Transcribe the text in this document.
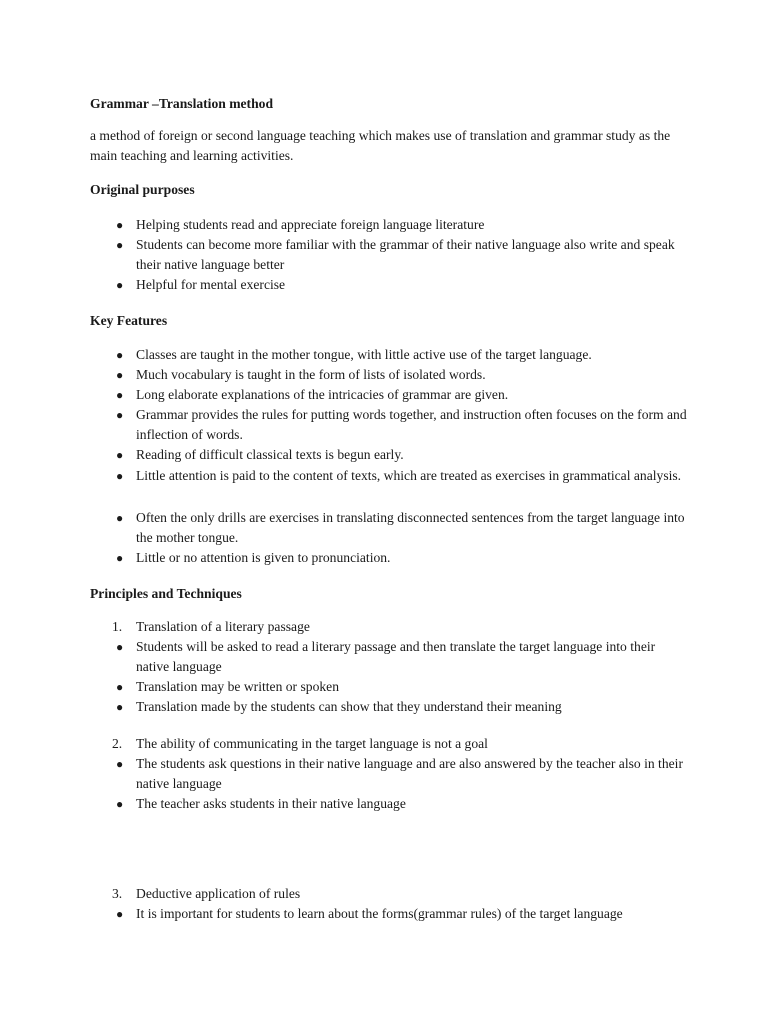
Grammar –Translation method
a method of foreign or second language teaching which makes use of translation and grammar study as the main teaching and learning activities.
Original purposes
● Helping students read and appreciate foreign language literature
● Students can become more familiar with the grammar of their native language also write and speak their native language better
● Helpful for mental exercise
Key Features
● Classes are taught in the mother tongue, with little active use of the target language.
● Much vocabulary is taught in the form of lists of isolated words.
● Long elaborate explanations of the intricacies of grammar are given.
● Grammar provides the rules for putting words together, and instruction often focuses on the form and inflection of words.
● Reading of difficult classical texts is begun early.
● Little attention is paid to the content of texts, which are treated as exercises in grammatical analysis.
● Often the only drills are exercises in translating disconnected sentences from the target language into the mother tongue.
● Little or no attention is given to pronunciation.
Principles and Techniques
1.	Translation of a literary passage
● Students will be asked to read a literary passage and then translate the target language into their native language
● Translation may be written or spoken
● Translation made by the students can show that they understand their meaning
2.	The ability of communicating in the target language is not a goal
● The students ask questions in their native language and are also answered by the teacher also in their native language
● The teacher asks students in their native language
3.	Deductive application of rules
● It is important for students to learn about the forms(grammar rules) of the target language
